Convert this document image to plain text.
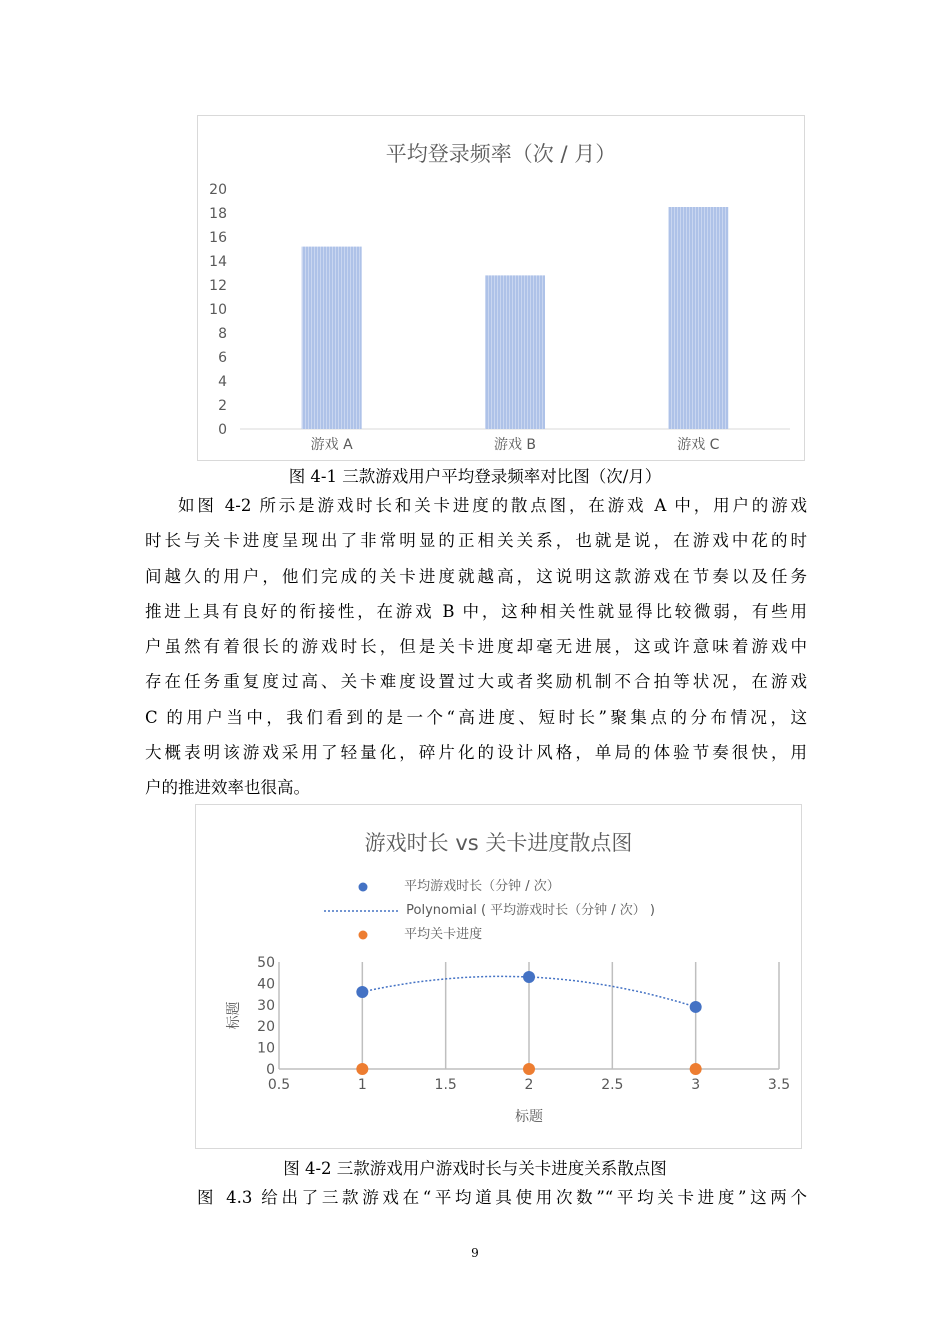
平均登录频率（次 / 月）
0
2
4
6
8
10
12
14
16
18
20
游戏 A	游戏 B	游戏 C
图 4-1 三款游戏用户平均登录频率对比图（次/月）
如图 4-2 所示是游戏时长和关卡进度的散点图，在游戏 A 中，用户的游戏
时长与关卡进度呈现出了非常明显的正相关关系，也就是说，在游戏中花的时
间越久的用户，他们完成的关卡进度就越高，这说明这款游戏在节奏以及任务
推进上具有良好的衔接性，在游戏 B 中，这种相关性就显得比较微弱，有些用
户虽然有着很长的游戏时长，但是关卡进度却毫无进展，这或许意味着游戏中
存在任务重复度过高、关卡难度设置过大或者奖励机制不合拍等状况，在游戏
C 的用户当中，我们看到的是一个“高进度、短时长”聚集点的分布情况，这
大概表明该游戏采用了轻量化，碎片化的设计风格，单局的体验节奏很快，用
户的推进效率也很高。
游戏时长 vs 关卡进度散点图
平均游戏时长（分钟 / 次）
Polynomial ( 平均游戏时长（分钟 / 次） )
平均关卡进度
0.5	1	1.5	2	2.5	3	3.5
0
10
20
30
40
50
标题
标题
图 4-2 三款游戏用户游戏时长与关卡进度关系散点图
图 4.3 给出了三款游戏在“平均道具使用次数”“平均关卡进度”这两个
9
